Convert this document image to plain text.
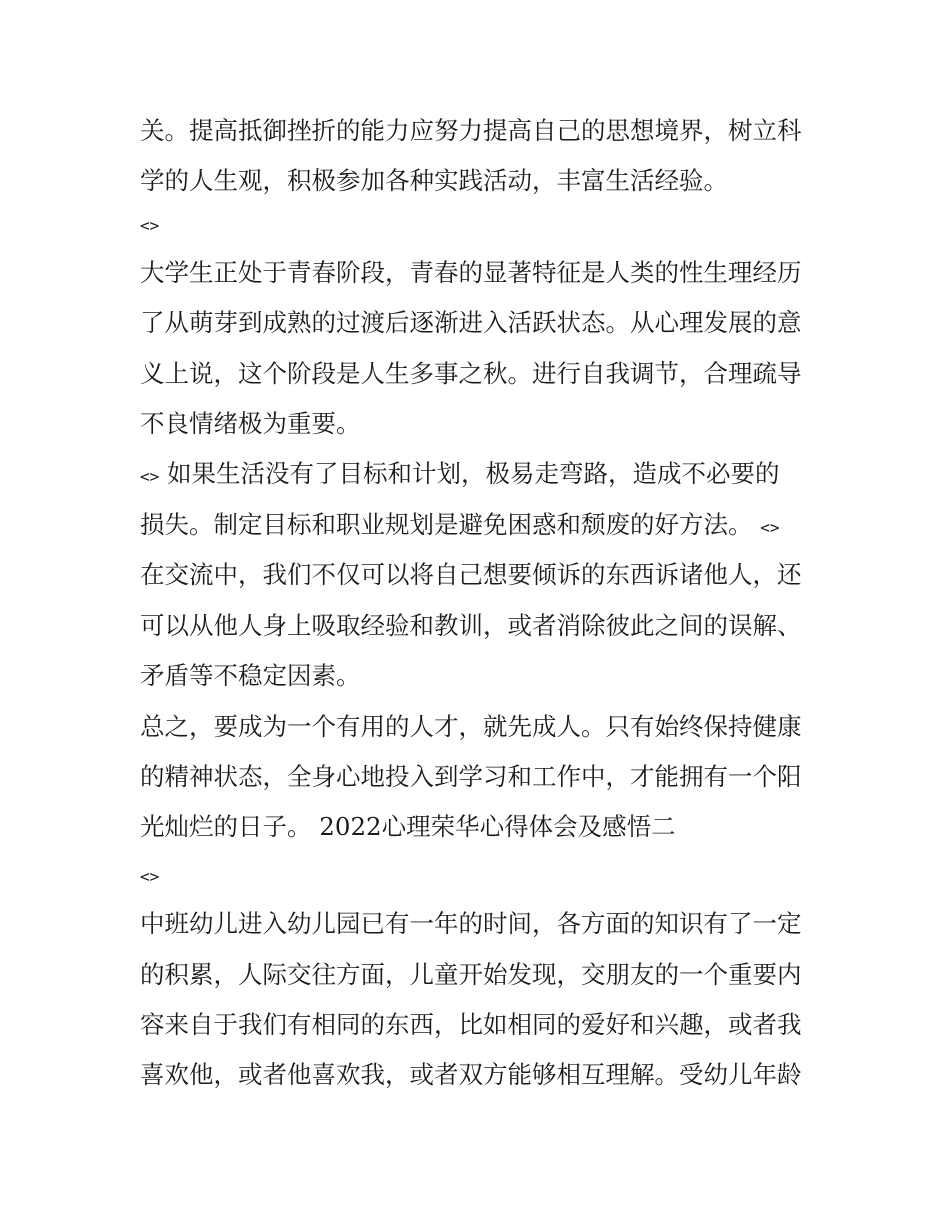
关。提高抵御挫折的能力应努力提高自己的思想境界，树立科
学的人生观，积极参加各种实践活动，丰富生活经验。
<>
大学生正处于青春阶段，青春的显著特征是人类的性生理经历
了从萌芽到成熟的过渡后逐渐进入活跃状态。从心理发展的意
义上说，这个阶段是人生多事之秋。进行自我调节，合理疏导
不良情绪极为重要。
<> 如果生活没有了目标和计划，极易走弯路，造成不必要的
损失。制定目标和职业规划是避免困惑和颓废的好方法。 <>
在交流中，我们不仅可以将自己想要倾诉的东西诉诸他人，还
可以从他人身上吸取经验和教训，或者消除彼此之间的误解、
矛盾等不稳定因素。
总之，要成为一个有用的人才，就先成人。只有始终保持健康
的精神状态，全身心地投入到学习和工作中，才能拥有一个阳
光灿烂的日子。 2022心理荣华心得体会及感悟二
<>
中班幼儿进入幼儿园已有一年的时间，各方面的知识有了一定
的积累，人际交往方面，儿童开始发现，交朋友的一个重要内
容来自于我们有相同的东西，比如相同的爱好和兴趣，或者我
喜欢他，或者他喜欢我，或者双方能够相互理解。受幼儿年龄
